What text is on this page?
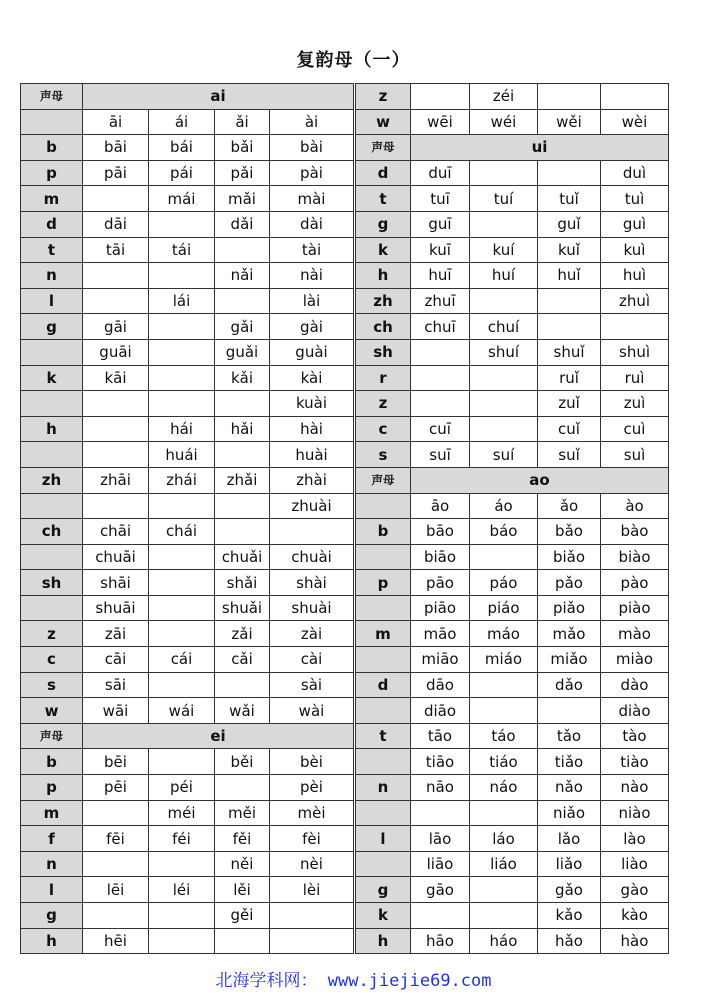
复韵母（一）
声母	ai			
	āi	ái	ǎi	ài
b	bāi	bái	bǎi	bài
p	pāi	pái	pǎi	pài
m		mái	mǎi	mài
d	dāi		dǎi	dài
t	tāi	tái		tài
n			nǎi	nài
l		lái		lài
g	gāi		gǎi	gài
	guāi		guǎi	guài
k	kāi		kǎi	kài
				kuài
h		hái	hǎi	hài
		huái		huài
zh	zhāi	zhái	zhǎi	zhài
				zhuài
ch	chāi	chái		
	chuāi		chuǎi	chuài
sh	shāi		shǎi	shài
	shuāi		shuǎi	shuài
z	zāi		zǎi	zài
c	cāi	cái	cǎi	cài
s	sāi			sài
w	wāi	wái	wǎi	wài
声母	ei			
b	bēi		běi	bèi
p	pēi	péi		pèi
m		méi	měi	mèi
f	fēi	féi	fěi	fèi
n			něi	nèi
l	lēi	léi	lěi	lèi
g			gěi	
h	hēi			
z		zéi		
w	wēi	wéi	wěi	wèi
声母	ui			
d	duī			duì
t	tuī	tuí	tuǐ	tuì
g	guī		guǐ	guì
k	kuī	kuí	kuǐ	kuì
h	huī	huí	huǐ	huì
zh	zhuī			zhuì
ch	chuī	chuí		
sh		shuí	shuǐ	shuì
r			ruǐ	ruì
z			zuǐ	zuì
c	cuī		cuǐ	cuì
s	suī	suí	suǐ	suì
声母	ao			
	āo	áo	ǎo	ào
b	bāo	báo	bǎo	bào
	biāo		biǎo	biào
p	pāo	páo	pǎo	pào
	piāo	piáo	piǎo	piào
m	māo	máo	mǎo	mào
	miāo	miáo	miǎo	miào
d	dāo		dǎo	dào
	diāo			diào
t	tāo	táo	tǎo	tào
	tiāo	tiáo	tiǎo	tiào
n	nāo	náo	nǎo	nào
			niǎo	niào
l	lāo	láo	lǎo	lào
	liāo	liáo	liǎo	liào
g	gāo		gǎo	gào
k			kǎo	kào
h	hāo	háo	hǎo	hào
北海学科网： www.jiejie69.com
